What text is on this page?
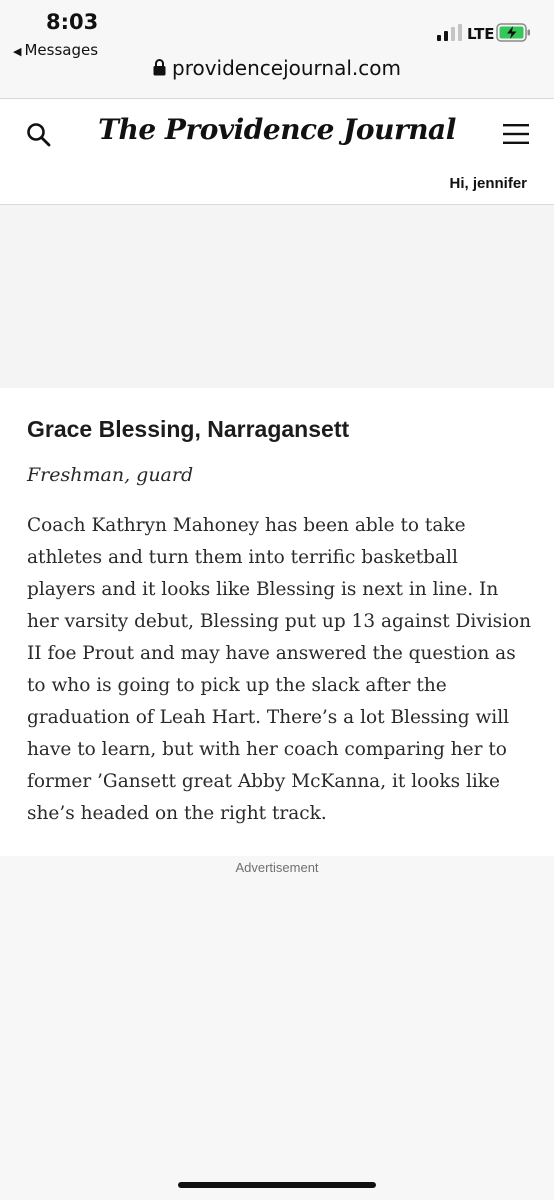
8:03
◀ Messages
LTE
providencejournal.com
The Providence Journal
Hi, jennifer
Grace Blessing, Narragansett

Freshman, guard

Coach Kathryn Mahoney has been able to take athletes and turn them into terrific basketball players and it looks like Blessing is next in line. In her varsity debut, Blessing put up 13 against Division II foe Prout and may have answered the question as to who is going to pick up the slack after the graduation of Leah Hart. There’s a lot Blessing will have to learn, but with her coach comparing her to former ’Gansett great Abby McKanna, it looks like she’s headed on the right track.

Advertisement
